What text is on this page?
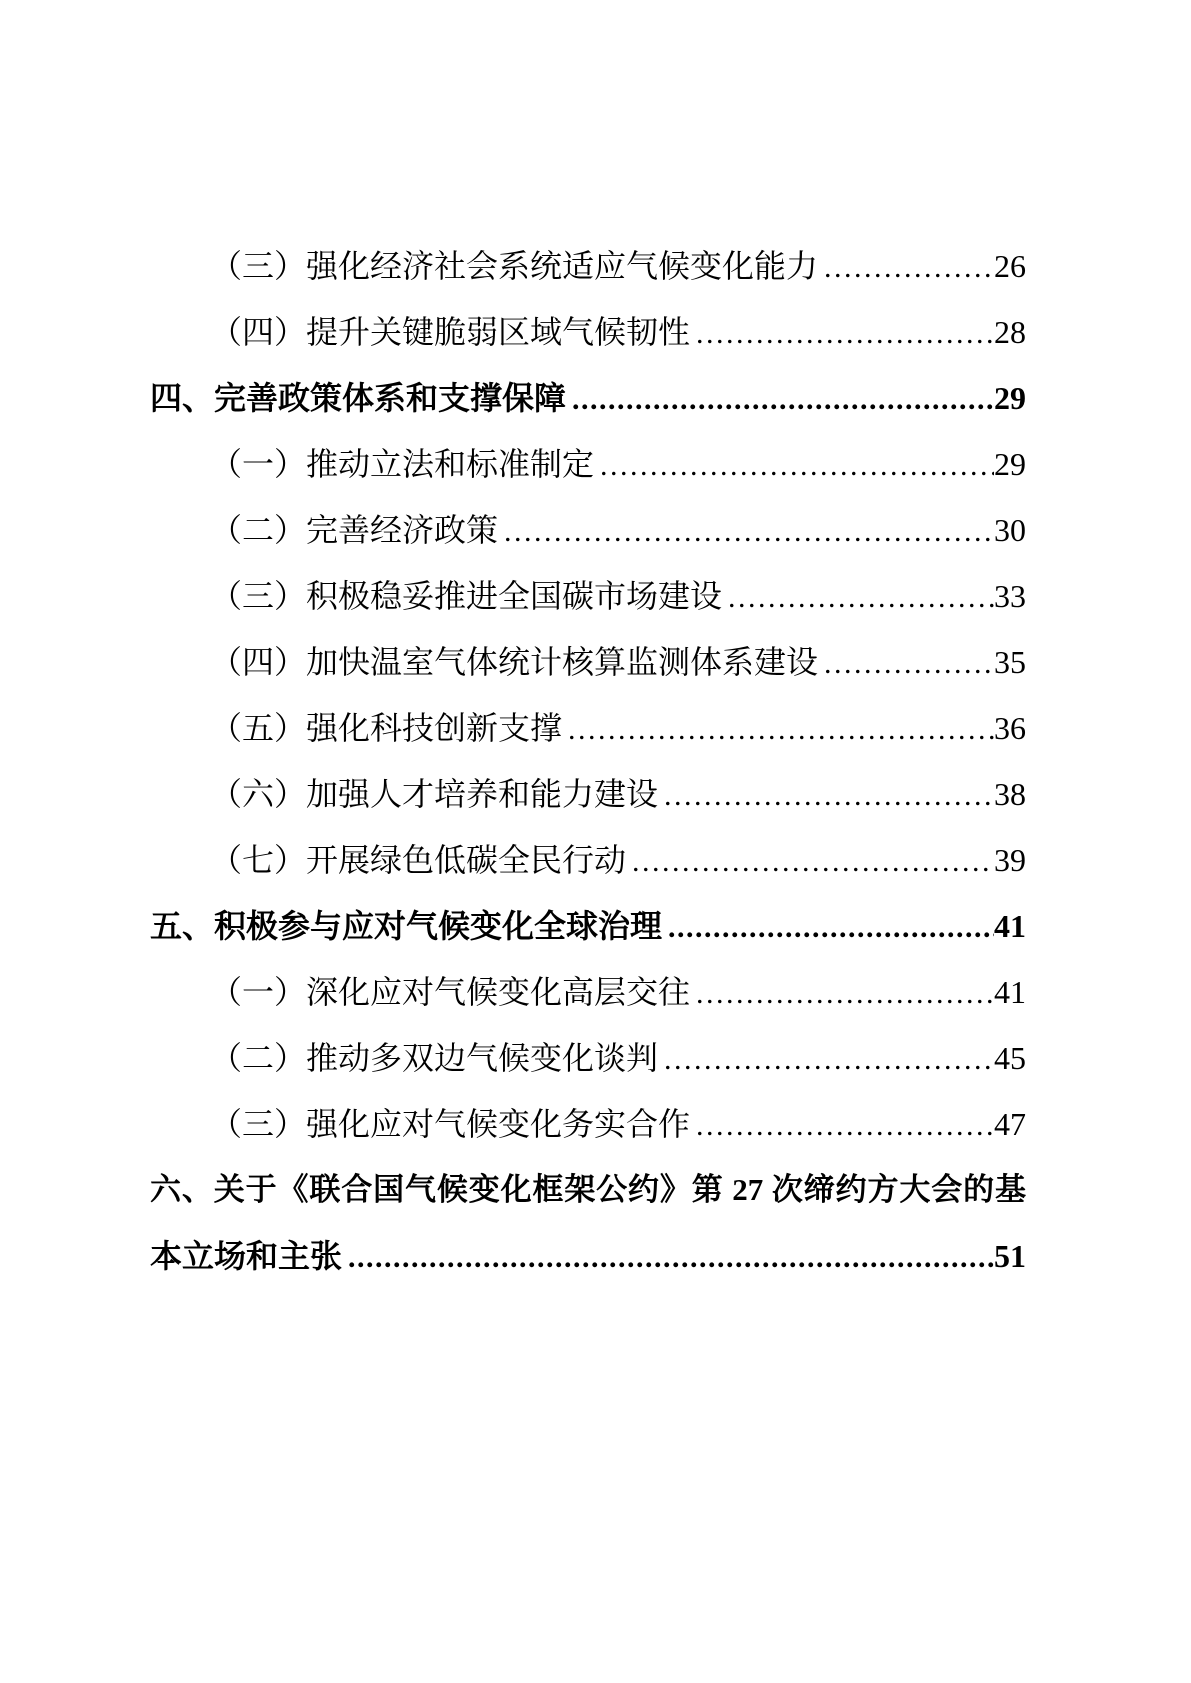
（三）强化经济社会系统适应气候变化能力 .....	26
（四）提升关键脆弱区域气候韧性 .....	28
四、完善政策体系和支撑保障 .....	29
（一）推动立法和标准制定 .....	29
（二）完善经济政策 .....	30
（三）积极稳妥推进全国碳市场建设 .....	33
（四）加快温室气体统计核算监测体系建设 .....	35
（五）强化科技创新支撑 .....	36
（六）加强人才培养和能力建设 .....	38
（七）开展绿色低碳全民行动 .....	39
五、积极参与应对气候变化全球治理 .....	41
（一）深化应对气候变化高层交往 .....	41
（二）推动多双边气候变化谈判 .....	45
（三）强化应对气候变化务实合作 .....	47
六、关于《联合国气候变化框架公约》第 27 次缔约方大会的基
本立场和主张 .....	51
